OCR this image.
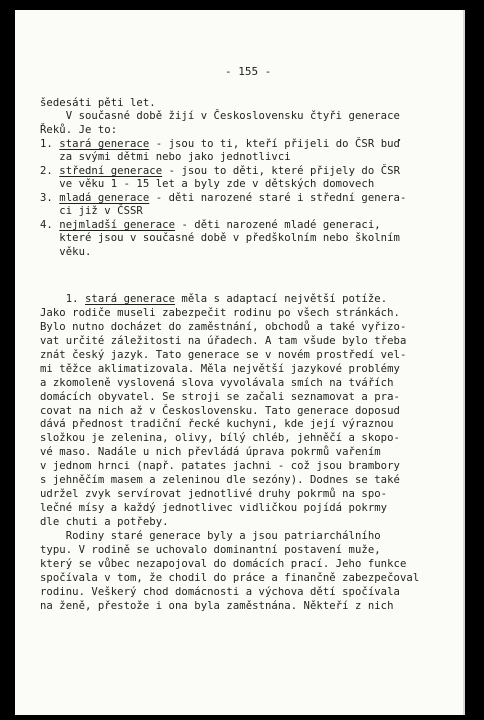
- 155 -
šedesáti pěti let.
V současné době žijí v Československu čtyři generace
Řeků. Je to:
1. stará generace - jsou to ti, kteří přijeli do ČSR buď
za svými dětmi nebo jako jednotlivci
2. střední generace - jsou to děti, které přijely do ČSR
ve věku 1 - 15 let a byly zde v dětských domovech
3. mladá generace - děti narozené staré i střední genera-
ci již v ČSSR
4. nejmladší generace - děti narozené mladé generaci,
které jsou v současné době v předškolním nebo školním
věku.
1. stará generace měla s adaptací největší potíže.
Jako rodiče museli zabezpečit rodinu po všech stránkách.
Bylo nutno docházet do zaměstnání, obchodů a také vyřizo-
vat určité záležitosti na úřadech. A tam všude bylo třeba
znát český jazyk. Tato generace se v novém prostředí vel-
mi těžce aklimatizovala. Měla největší jazykové problémy
a zkomoleně vyslovená slova vyvolávala smích na tvářích
domácích obyvatel. Se stroji se začali seznamovat a pra-
covat na nich až v Československu. Tato generace doposud
dává přednost tradiční řecké kuchyni, kde její výraznou
složkou je zelenina, olivy, bílý chléb, jehněčí a skopo-
vé maso. Nadále u nich převládá úprava pokrmů vařením
v jednom hrnci (např. patates jachni - což jsou brambory
s jehněčím masem a zeleninou dle sezóny). Dodnes se také
udržel zvyk servírovat jednotlivé druhy pokrmů na spo-
lečné mísy a každý jednotlivec vidličkou pojídá pokrmy
dle chuti a potřeby.
Rodiny staré generace byly a jsou patriarchálního
typu. V rodině se uchovalo dominantní postavení muže,
který se vůbec nezapojoval do domácích prací. Jeho funkce
spočívala v tom, že chodil do práce a finančně zabezpečoval
rodinu. Veškerý chod domácnosti a výchova dětí spočívala
na ženě, přestože i ona byla zaměstnána. Někteří z nich
